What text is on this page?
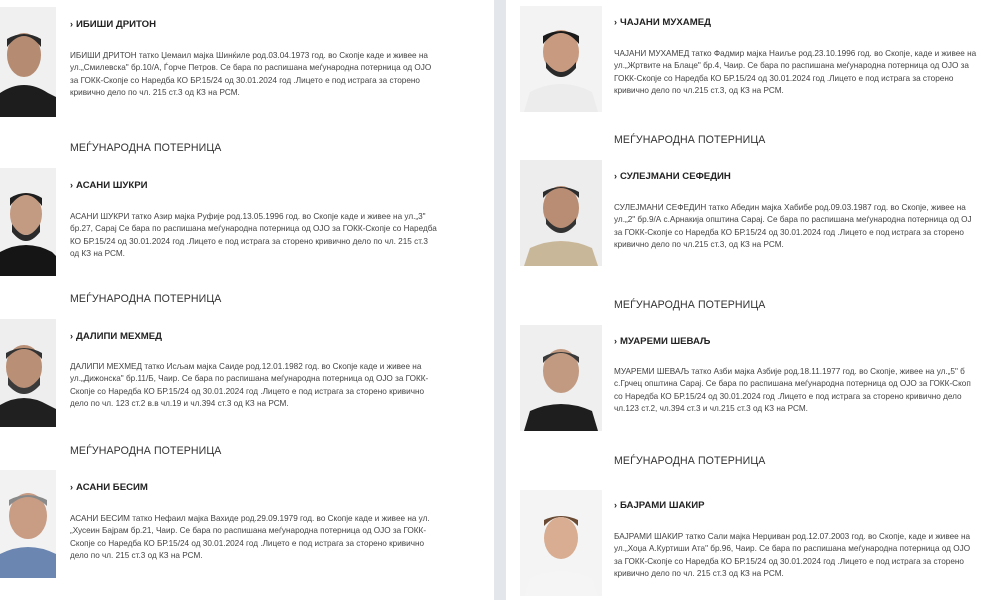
› ИБИШИ ДРИТОН
ИБИШИ ДРИТОН татко Џемаил мајка Шинќиле род.03.04.1973 год. во Скопје каде и живее на
ул.„Смилевска" бр.10/А, Ѓорче Петров. Се бара по распишана меѓународна потерница од ОЈО
за ГОКК-Скопје со Наредба КО БР.15/24 од 30.01.2024 год .Лицето е под истрага за сторено
кривично дело по чл. 215 ст.3 од КЗ на РСМ.
МЕЃУНАРОДНА ПОТЕРНИЦА
› АСАНИ ШУКРИ
АСАНИ ШУКРИ татко Азир мајка Руфије род.13.05.1996 год. во Скопје каде и живее на ул.„3"
бр.27, Сарај Се бара по распишана меѓународна потерница од ОЈО за ГОКК-Скопје со Наредба
КО БР.15/24 од 30.01.2024 год .Лицето е под истрага за сторено кривично дело по чл. 215 ст.3
од КЗ на РСМ.
МЕЃУНАРОДНА ПОТЕРНИЦА
› ДАЛИПИ МЕХМЕД
ДАЛИПИ МЕХМЕД татко Исљам мајка Саиде род.12.01.1982 год. во Скопје каде и живее на
ул.„Дижонска" бр.11/Б, Чаир. Се бара по распишана меѓународна потерница од ОЈО за ГОКК-
Скопје со Наредба КО БР.15/24 од 30.01.2024 год .Лицето е под истрага за сторено кривично
дело по чл. 123 ст.2 в.в чл.19 и чл.394 ст.3 од КЗ на РСМ.
МЕЃУНАРОДНА ПОТЕРНИЦА
› АСАНИ БЕСИМ
АСАНИ БЕСИМ татко Нефаил мајка Вахиде род.29.09.1979 год. во Скопје каде и живее на ул.
„Хусеин Бајрам бр.21, Чаир. Се бара по распишана меѓународна потерница од ОЈО за ГОКК-
Скопје со Наредба КО БР.15/24 од 30.01.2024 год .Лицето е под истрага за сторено кривично
дело по чл. 215 ст.3 од КЗ на РСМ.
› ЧАЈАНИ МУХАМЕД
ЧАЈАНИ МУХАМЕД татко Фадмир мајка Наиље род.23.10.1996 год. во Скопје, каде и живее на
ул.„Жртвите на Блаце" бр.4, Чаир. Се бара по распишана меѓународна потерница од ОЈО за
ГОКК-Скопје со Наредба КО БР.15/24 од 30.01.2024 год .Лицето е под истрага за сторено
кривично дело по чл.215 ст.3, од КЗ на РСМ.
МЕЃУНАРОДНА ПОТЕРНИЦА
› СУЛЕЈМАНИ СЕФЕДИН
СУЛЕЈМАНИ СЕФЕДИН татко Абедин мајка Хабибе род.09.03.1987 год. во Скопје, живее на
ул.„2" бр.9/А с.Арнакија општина Сарај. Се бара по распишана меѓународна потерница од ОЈ
за ГОКК-Скопје со Наредба КО БР.15/24 од 30.01.2024 год .Лицето е под истрага за сторено
кривично дело по чл.215 ст.3, од КЗ на РСМ.
МЕЃУНАРОДНА ПОТЕРНИЦА
› МУАРЕМИ ШЕВАЉ
МУАРЕМИ ШЕВАЉ татко Азби мајка Азбије род.18.11.1977 год. во Скопје, живее на ул.„5" б
с.Грчец општина Сарај. Се бара по распишана меѓународна потерница од ОЈО за ГОКК-Скоп
со Наредба КО БР.15/24 од 30.01.2024 год .Лицето е под истрага за сторено кривично дело
чл.123 ст.2, чл.394 ст.3 и чл.215 ст.3 од КЗ на РСМ.
МЕЃУНАРОДНА ПОТЕРНИЦА
› БАЈРАМИ ШАКИР
БАЈРАМИ ШАКИР татко Сали мајка Нерџиван род.12.07.2003 год. во Скопје, каде и живее на
ул.„Хоџа А.Куртиши Ата" бр.96, Чаир. Се бара по распишана меѓународна потерница од ОЈО
за ГОКК-Скопје со Наредба КО БР.15/24 од 30.01.2024 год .Лицето е под истрага за сторено
кривично дело по чл. 215 ст.3 од КЗ на РСМ.
